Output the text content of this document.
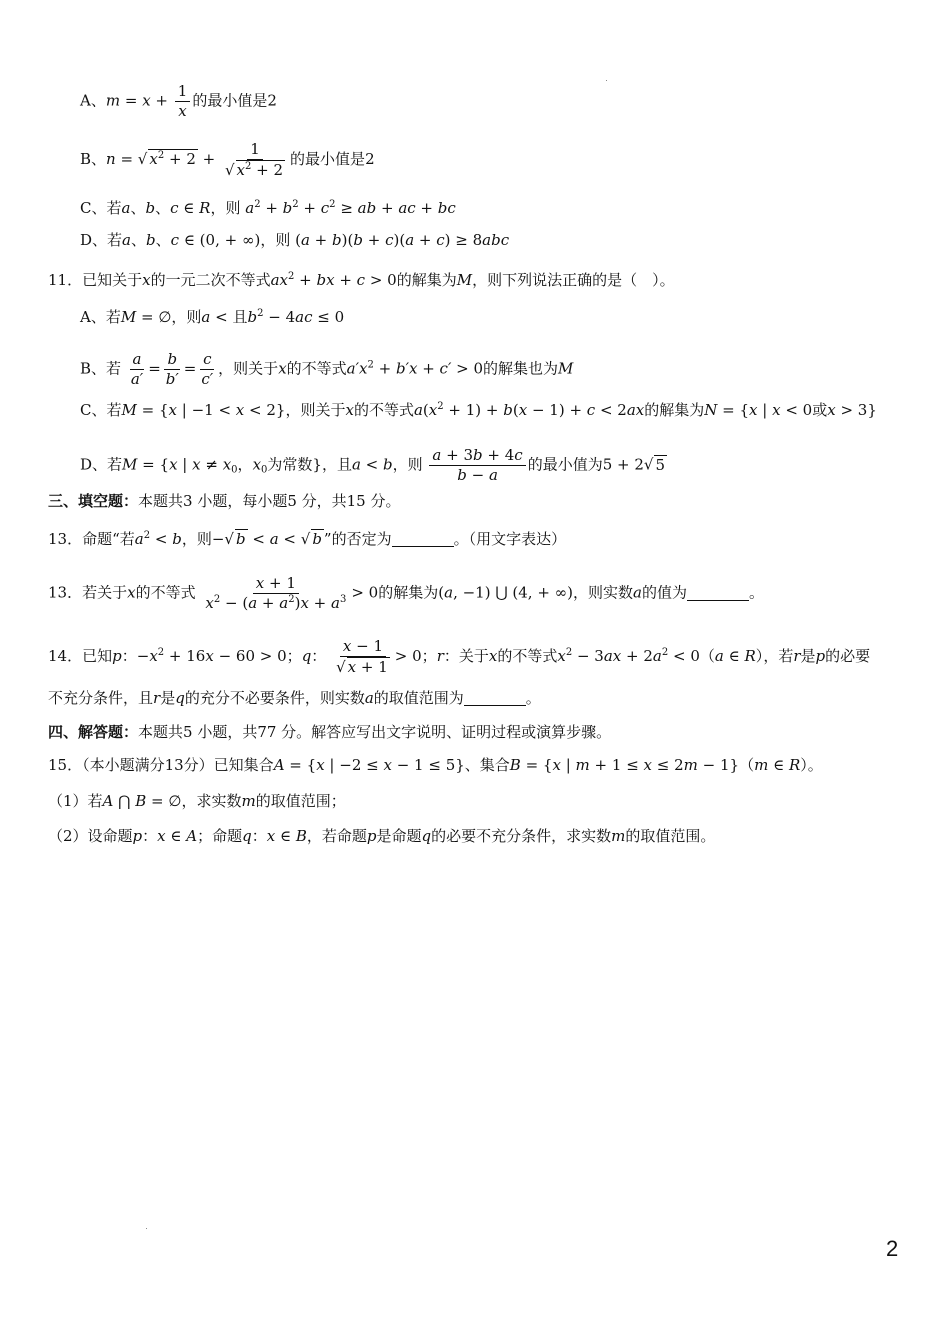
A、$m = x + \frac{1}{x}$ 的最小值是2
B、n = √ $x^2 + 2 + \frac{1}{√ x^2 + 2}$ 的最小值是2
C、若a、b、c ∈ R，则 $a^2 + b^2 + c^2$ ≥ ab + ac + bc
D、若a、b、c ∈ (0, + ∞)，则 (a + b)(b + c)(a + c) ≥ 8abc
11．已知关于x的一元二次不等式$ax^2$ + bx + c > 0的解集为M，则下列说法正确的是（　）。
A、若M = ∅，则a < 且$b^2 - 4ac \le 0$
B、若 $\frac{a}{a'} = \frac{b}{b'} = \frac{c}{c'}$ ，则关于x的不等式$a'x^2 + b'x + c' > 0$的解集也为M
C、若M = {x | −1 < x < 2}，则关于x的不等式$a(x^2 + 1) + b(x - 1) + c < 2ax$的解集为N = {x | x < 0或x > 3}
D、若M = {x | $x \ne x_0$，$x_0$为常数}，且a < b，则 $\frac{a + 3b + 4c}{b - a}$ 的最小值为5 + 2√ 5
三、填空题：本题共3 小题，每小题5 分，共15 分。
13．命题“若$a^2 < b$，则−√ b < a < √ b ”的否定为	。（用文字表达）
13．若关于x的不等式 $\frac{x + 1}{x^2 - (a + a^2)x + a^3} > 0$的解集为(a, −1) ⋃ (4, + ∞)，则实数a的值为	。
14．已知p：$-x^2 + 16x - 60 > 0$；q： $\frac{x - 1}{√ x + 1} > 0$；r：关于x的不等式$x^2 - 3ax + 2a^2 < 0(a$ ∈ R），若r是p的必要
不充分条件，且r是q的充分不必要条件，则实数a的取值范围为	。
四、解答题：本题共5 小题，共77 分。解答应写出文字说明、证明过程或演算步骤。
15．（本小题满分13分）已知集合A = {x | −2 ≤ x − 1 ≤ 5}、集合B = {x | m + 1 ≤ x ≤ 2m − 1}（m ∈ R）。
（1）若A ⋂ B = ∅，求实数m的取值范围；
（2）设命题p：x ∈ A；命题q：x ∈ B，若命题p是命题q的必要不充分条件，求实数m的取值范围。
2
